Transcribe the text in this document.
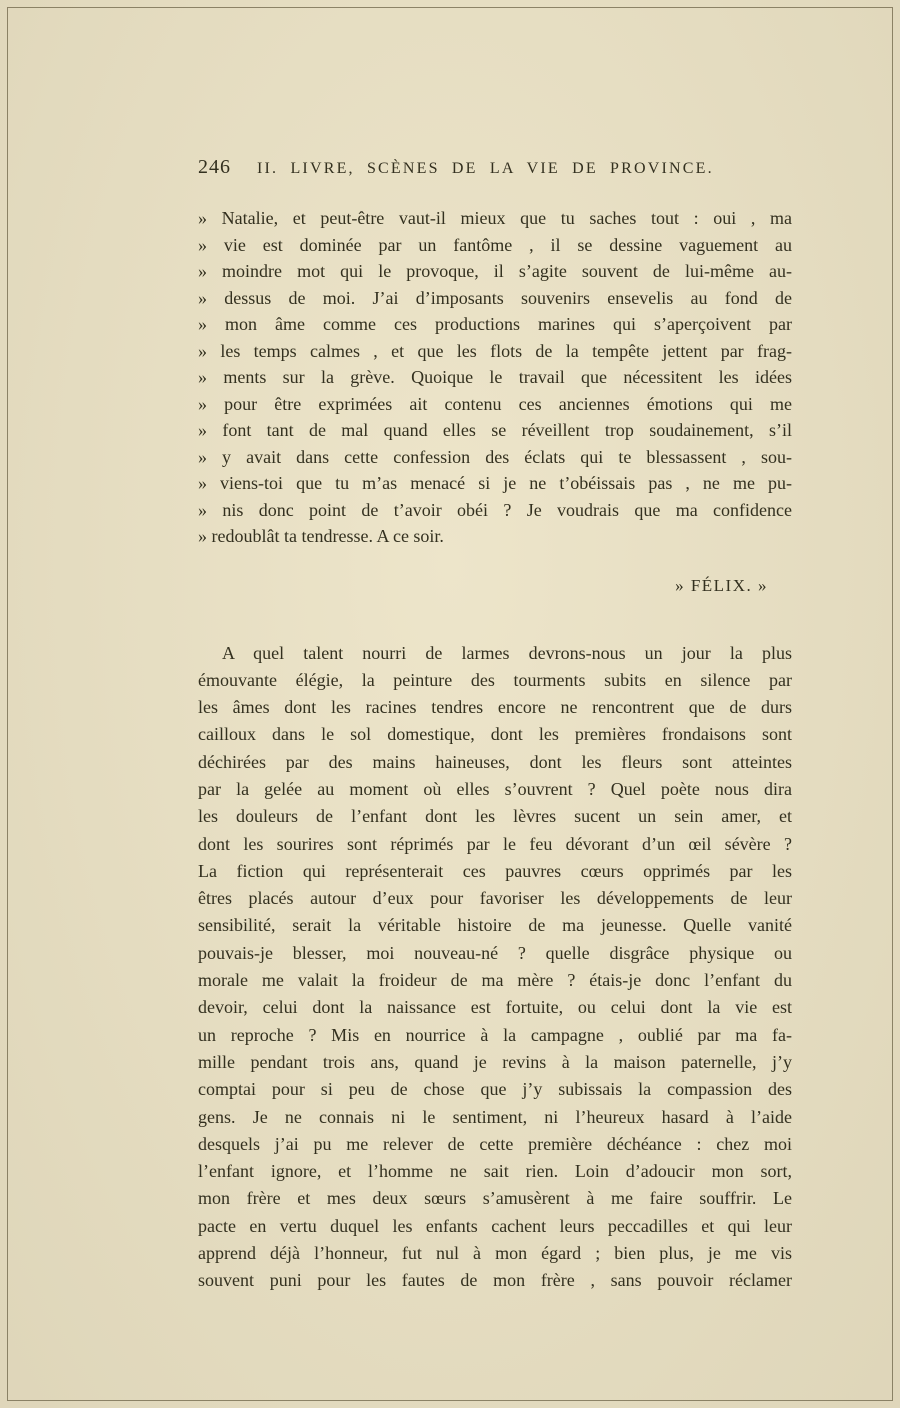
246 II. LIVRE, SCÈNES DE LA VIE DE PROVINCE.
» Natalie, et peut-être vaut-il mieux que tu saches tout : oui , ma
» vie est dominée par un fantôme , il se dessine vaguement au
» moindre mot qui le provoque, il s’agite souvent de lui-même au-
» dessus de moi. J’ai d’imposants souvenirs ensevelis au fond de
» mon âme comme ces productions marines qui s’aperçoivent par
» les temps calmes , et que les flots de la tempête jettent par frag-
» ments sur la grève. Quoique le travail que nécessitent les idées
» pour être exprimées ait contenu ces anciennes émotions qui me
» font tant de mal quand elles se réveillent trop soudainement, s’il
» y avait dans cette confession des éclats qui te blessassent , sou-
» viens-toi que tu m’as menacé si je ne t’obéissais pas , ne me pu-
» nis donc point de t’avoir obéi ? Je voudrais que ma confidence
» redoublât ta tendresse. A ce soir.
» FÉLIX. »
A quel talent nourri de larmes devrons-nous un jour la plus
émouvante élégie, la peinture des tourments subits en silence par
les âmes dont les racines tendres encore ne rencontrent que de durs
cailloux dans le sol domestique, dont les premières frondaisons sont
déchirées par des mains haineuses, dont les fleurs sont atteintes
par la gelée au moment où elles s’ouvrent ? Quel poète nous dira
les douleurs de l’enfant dont les lèvres sucent un sein amer, et
dont les sourires sont réprimés par le feu dévorant d’un œil sévère ?
La fiction qui représenterait ces pauvres cœurs opprimés par les
êtres placés autour d’eux pour favoriser les développements de leur
sensibilité, serait la véritable histoire de ma jeunesse. Quelle vanité
pouvais-je blesser, moi nouveau-né ? quelle disgrâce physique ou
morale me valait la froideur de ma mère ? étais-je donc l’enfant du
devoir, celui dont la naissance est fortuite, ou celui dont la vie est
un reproche ? Mis en nourrice à la campagne , oublié par ma fa-
mille pendant trois ans, quand je revins à la maison paternelle, j’y
comptai pour si peu de chose que j’y subissais la compassion des
gens. Je ne connais ni le sentiment, ni l’heureux hasard à l’aide
desquels j’ai pu me relever de cette première déchéance : chez moi
l’enfant ignore, et l’homme ne sait rien. Loin d’adoucir mon sort,
mon frère et mes deux sœurs s’amusèrent à me faire souffrir. Le
pacte en vertu duquel les enfants cachent leurs peccadilles et qui leur
apprend déjà l’honneur, fut nul à mon égard ; bien plus, je me vis
souvent puni pour les fautes de mon frère , sans pouvoir réclamer
